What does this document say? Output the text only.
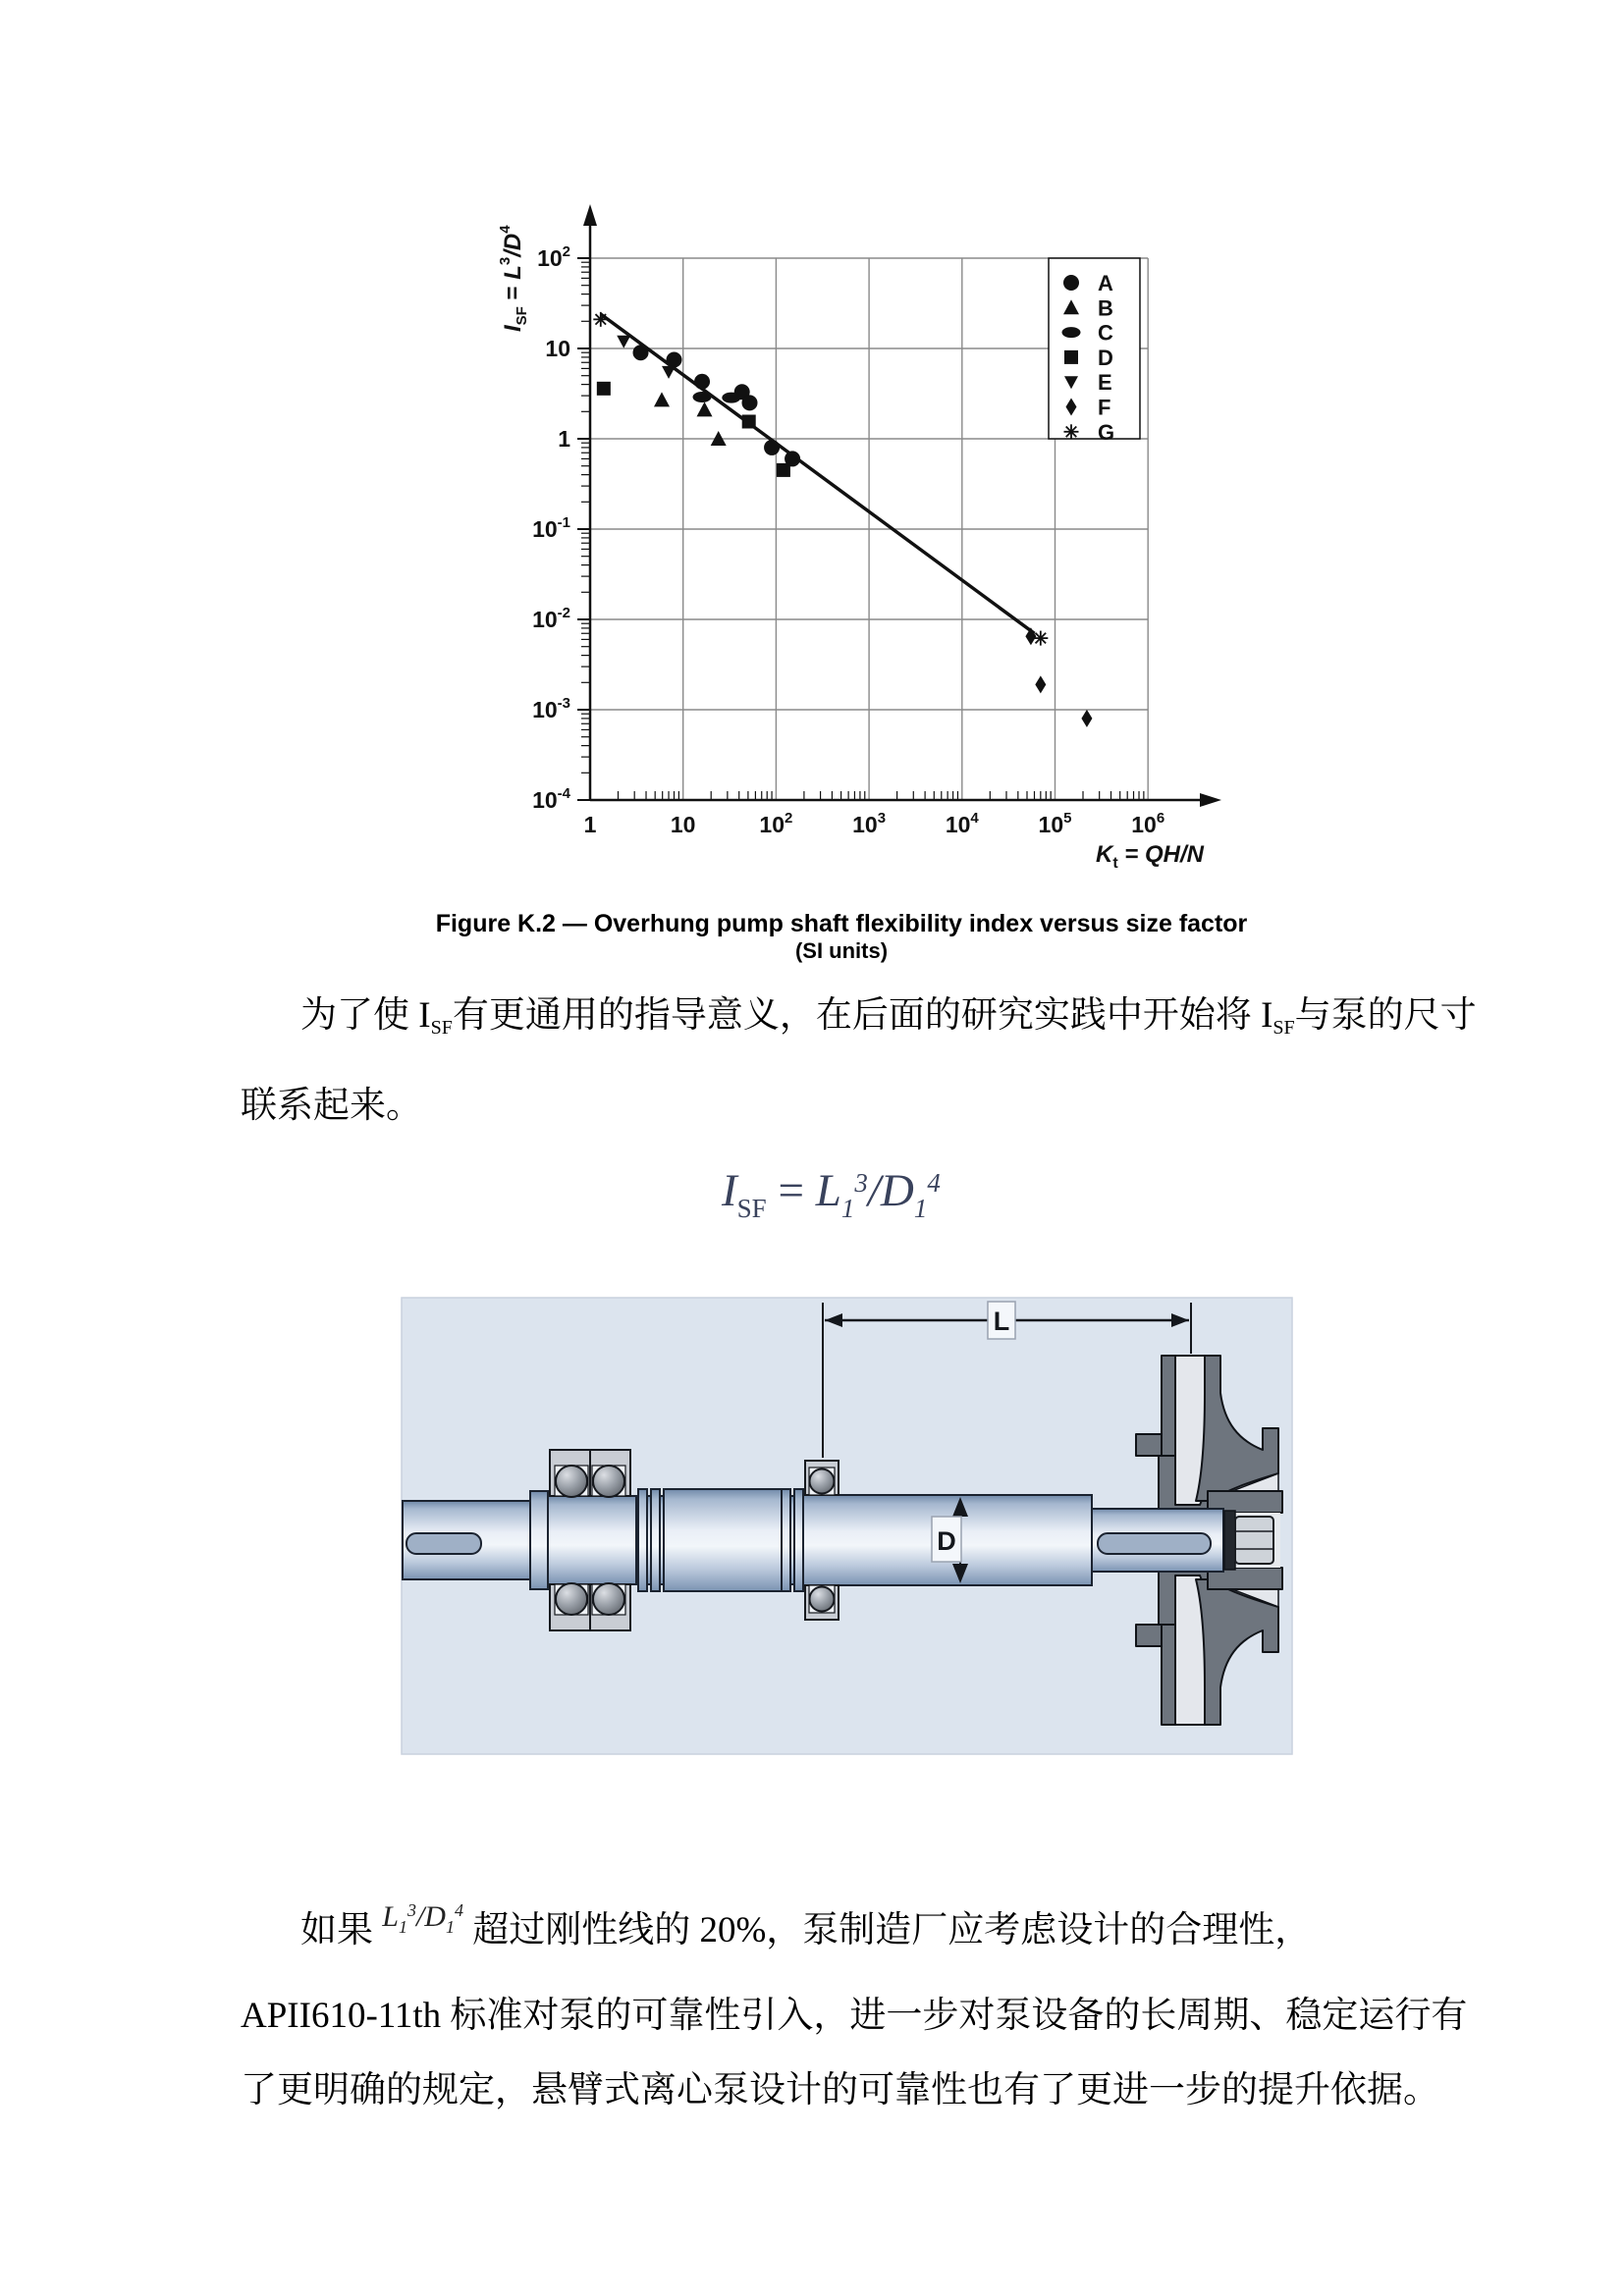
$10^2$
10
1
$10^{-1}$
$10^{-2}$
$10^{-3}$
$10^{-4}$
1	10	$10^2$	$10^3$	$10^4$	$10^5$	$10^6$
$K_t = QH/N$
$I_{SF} = L^3/D^4$
A
B
C
D
E
F
G
Figure K.2 — Overhung pump shaft flexibility index versus size factor
(SI units)
为了使 ISF有更通用的指导意义，在后面的研究实践中开始将 ISF与泵的尺寸
联系起来。
$I_{SF} = L_1^3/D_1^4$
L
D
如果 $^{L_1^3/D_1^4}$ 超过刚性线的 20%，泵制造厂应考虑设计的合理性，
APII610-11th 标准对泵的可靠性引入，进一步对泵设备的长周期、稳定运行有
了更明确的规定，悬臂式离心泵设计的可靠性也有了更进一步的提升依据。
